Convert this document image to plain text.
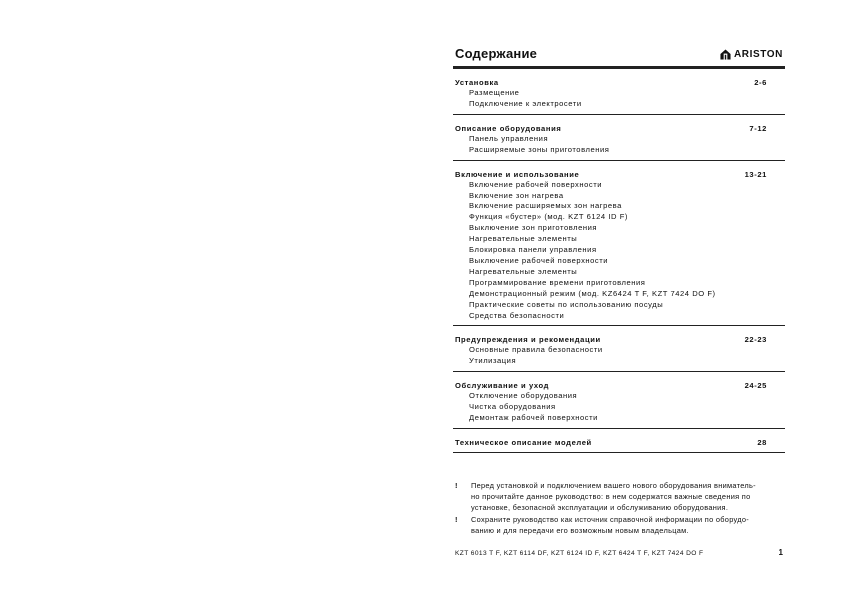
Содержание	ARISTON
Установка	2-6
Размещение
Подключение к электросети
Описание оборудования	7-12
Панель управления
Расширяемые зоны приготовления
Включение и использование	13-21
Включение рабочей поверхности
Включение зон нагрева
Включение расширяемых зон нагрева
Функция «бустер» (мод. KZT 6124 ID F)
Выключение зон приготовления
Нагревательные элементы
Блокировка панели управления
Выключение рабочей поверхности
Нагревательные элементы
Программирование времени приготовления
Демонстрационный режим (мод. KZ6424 T F, KZT 7424 DO F)
Практические советы по использованию посуды
Средства безопасности
Предупреждения и рекомендации	22-23
Основные правила безопасности
Утилизация
Обслуживание и уход	24-25
Отключение оборудования
Чистка оборудования
Демонтаж рабочей поверхности
Техническое описание моделей	28
!	Перед установкой и подключением вашего нового оборудования вниматель-
но прочитайте данное руководство: в нем содержатся важные сведения по
установке, безопасной эксплуатации и обслуживанию оборудования.
!	Сохраните руководство как источник справочной информации по оборудо-
ванию и для передачи его возможным новым владельцам.
KZT 6013 T F, KZT 6114 DF, KZT 6124 ID F, KZT 6424 T F, KZT 7424 DO F	1
